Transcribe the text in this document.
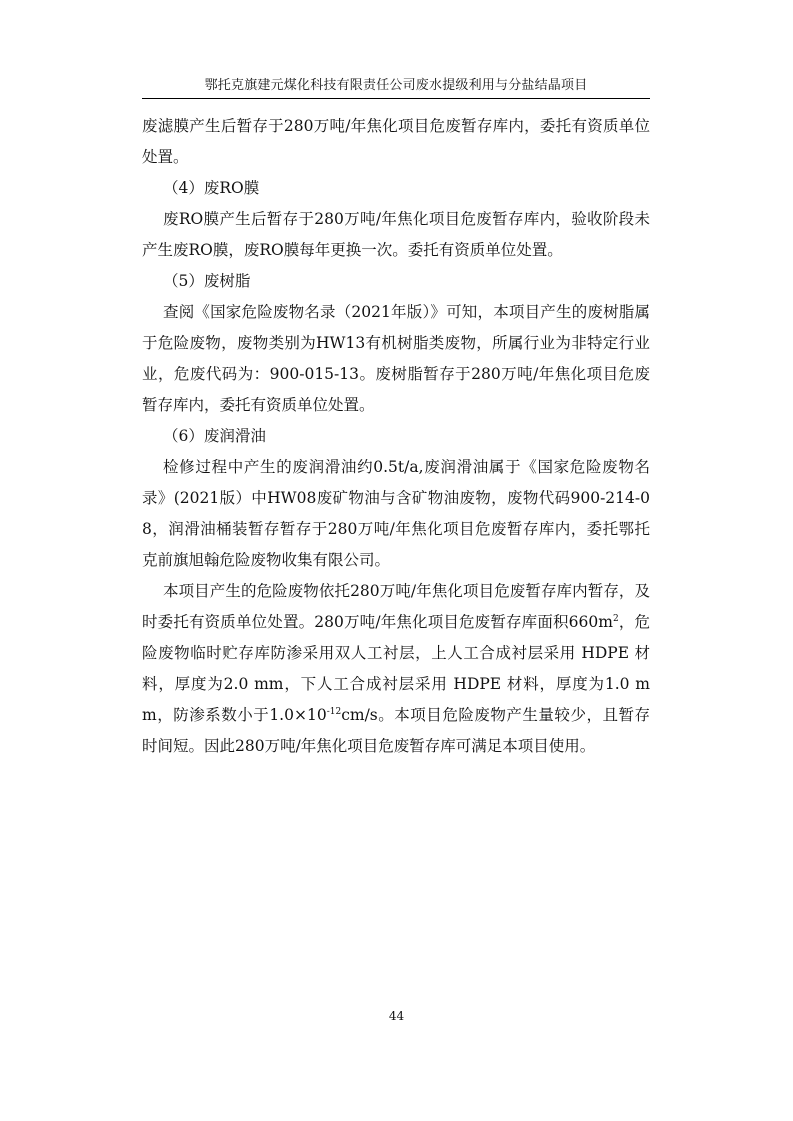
鄂托克旗建元煤化科技有限责任公司废水提级利用与分盐结晶项目

废滤膜产生后暂存于280万吨/年焦化项目危废暂存库内，委托有资质单位处置。

（4）废RO膜

废RO膜产生后暂存于280万吨/年焦化项目危废暂存库内，验收阶段未产生废RO膜，废RO膜每年更换一次。委托有资质单位处置。

（5）废树脂

查阅《国家危险废物名录（2021年版）》可知，本项目产生的废树脂属于危险废物，废物类别为HW13有机树脂类废物，所属行业为非特定行业业，危废代码为：900-015-13。废树脂暂存于280万吨/年焦化项目危废暂存库内，委托有资质单位处置。

（6）废润滑油

检修过程中产生的废润滑油约0.5t/a,废润滑油属于《国家危险废物名录》(2021版）中HW08废矿物油与含矿物油废物，废物代码900-214-08，润滑油桶装暂存暂存于280万吨/年焦化项目危废暂存库内，委托鄂托克前旗旭翰危险废物收集有限公司。

本项目产生的危险废物依托280万吨/年焦化项目危废暂存库内暂存，及时委托有资质单位处置。280万吨/年焦化项目危废暂存库面积$660m^2$，危险废物临时贮存库防渗采用双人工衬层，上人工合成衬层采用 HDPE 材料，厚度为2.0 mm，下人工合成衬层采用 HDPE 材料，厚度为1.0 mm，防渗系数小于$1.0\times 10^{-12}cm/s$。本项目危险废物产生量较少，且暂存时间短。因此280万吨/年焦化项目危废暂存库可满足本项目使用。

44
